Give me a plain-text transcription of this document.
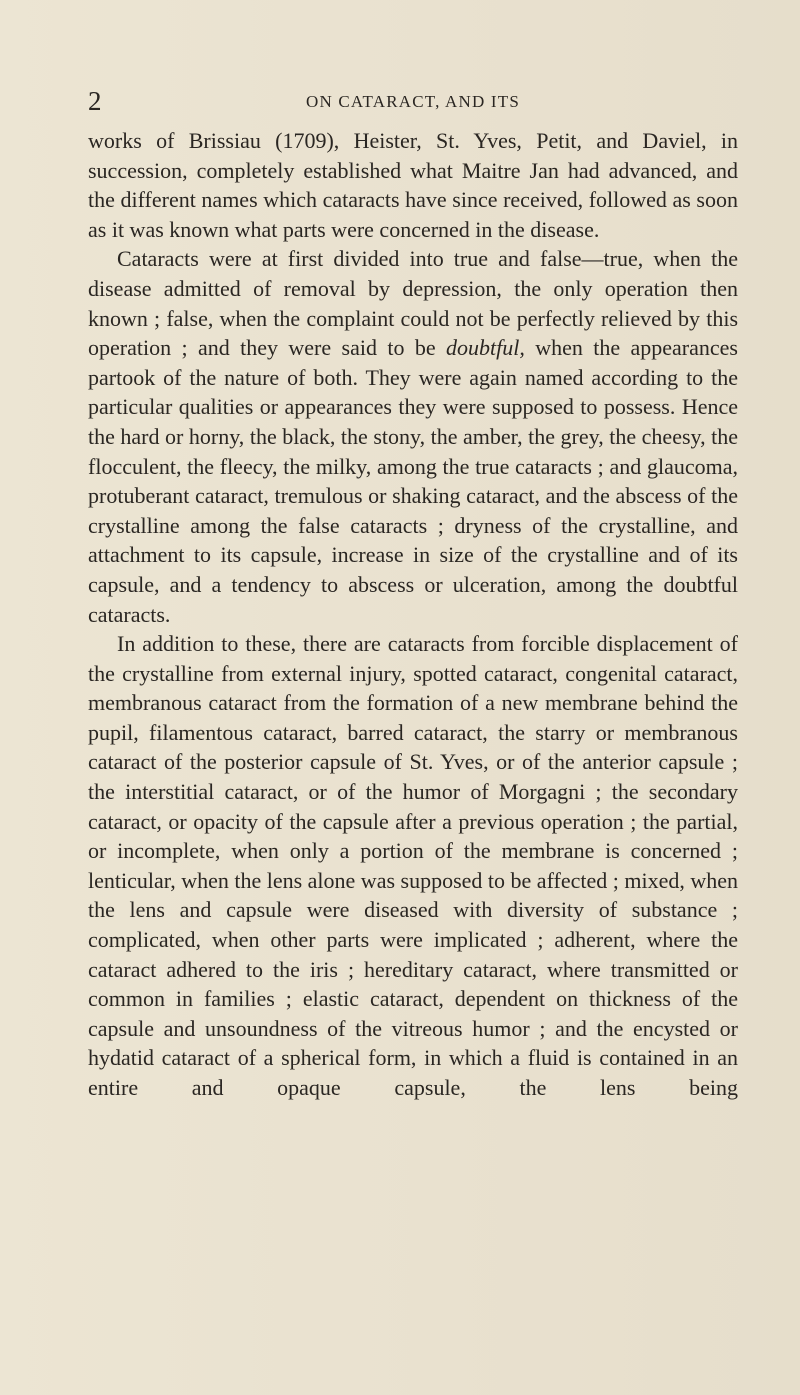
2	ON CATARACT, AND ITS

works of Brissiau (1709), Heister, St. Yves, Petit, and Daviel, in succession, completely established what Maitre Jan had advanced, and the different names which cataracts have since received, followed as soon as it was known what parts were concerned in the disease.

Cataracts were at first divided into true and false—true, when the disease admitted of removal by depression, the only operation then known ; false, when the complaint could not be perfectly relieved by this operation ; and they were said to be doubtful, when the appearances partook of the nature of both. They were again named according to the particular qualities or appearances they were supposed to possess. Hence the hard or horny, the black, the stony, the amber, the grey, the cheesy, the flocculent, the fleecy, the milky, among the true cataracts ; and glaucoma, protuberant cataract, tremulous or shaking cataract, and the abscess of the crystalline among the false cataracts ; dryness of the crystalline, and attachment to its capsule, increase in size of the crystalline and of its capsule, and a tendency to abscess or ulceration, among the doubtful cataracts.

In addition to these, there are cataracts from forcible displacement of the crystalline from external injury, spotted cataract, congenital cataract, membranous cataract from the formation of a new membrane behind the pupil, filamentous cataract, barred cataract, the starry or membranous cataract of the posterior capsule of St. Yves, or of the anterior capsule ; the interstitial cataract, or of the humor of Morgagni ; the secondary cataract, or opacity of the capsule after a previous operation ; the partial, or incomplete, when only a portion of the membrane is concerned ; lenticular, when the lens alone was supposed to be affected ; mixed, when the lens and capsule were diseased with diversity of substance ; complicated, when other parts were implicated ; adherent, where the cataract adhered to the iris ; hereditary cataract, where transmitted or common in families ; elastic cataract, dependent on thickness of the capsule and unsoundness of the vitreous humor ; and the encysted or hydatid cataract of a spherical form, in which a fluid is contained in an entire and opaque capsule, the lens being
